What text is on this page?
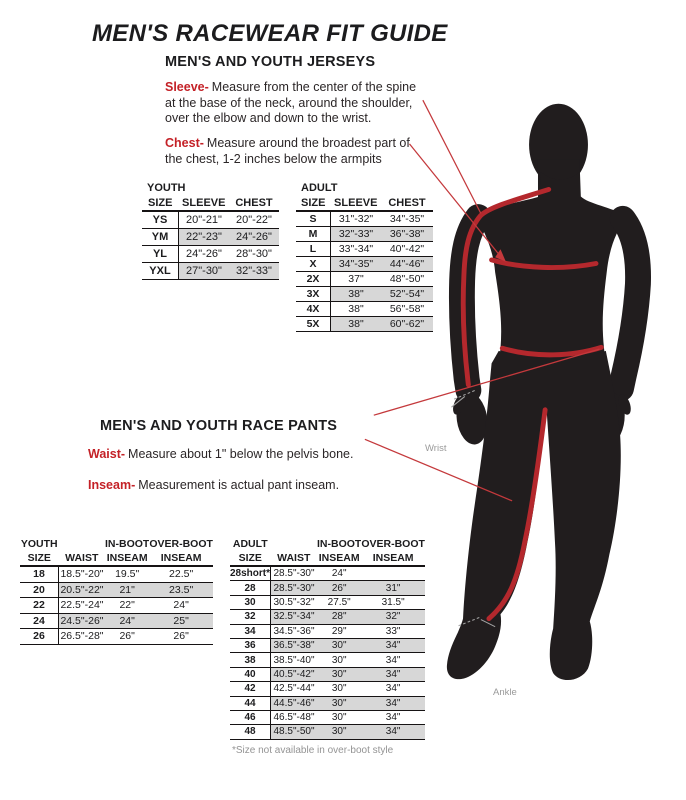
MEN'S RACEWEAR FIT GUIDE
MEN'S AND YOUTH JERSEYS

Sleeve- Measure from the center of the spine at the base of the neck, around the shoulder, over the elbow and down to the wrist.

Chest- Measure around the broadest part of the chest, 1-2 inches below the armpits

YOUTH
SIZE	SLEEVE	CHEST
YS	20"-21"	20"-22"
YM	22"-23"	24"-26"
YL	24"-26"	28"-30"
YXL	27"-30"	32"-33"
ADULT
SIZE	SLEEVE	CHEST
S	31"-32"	34"-35"
M	32"-33"	36"-38"
L	33"-34"	40"-42"
X	34"-35"	44"-46"
2X	37"	48"-50"
3X	38"	52"-54"
4X	38"	56"-58"
5X	38"	60"-62"
MEN'S AND YOUTH RACE PANTS

Waist- Measure about 1" below the pelvis bone.

Inseam- Measurement is actual pant inseam.

YOUTH		IN-BOOT	OVER-BOOT
SIZE	WAIST	INSEAM	INSEAM
18	18.5"-20"	19.5"	22.5"
20	20.5"-22"	21"	23.5"
22	22.5"-24"	22"	24"
24	24.5"-26"	24"	25"
26	26.5"-28"	26"	26"
ADULT		IN-BOOT	OVER-BOOT
SIZE	WAIST	INSEAM	INSEAM
28short*	28.5"-30"	24"	
28	28.5"-30"	26"	31"
30	30.5"-32"	27.5"	31.5"
32	32.5"-34"	28"	32"
34	34.5"-36"	29"	33"
36	36.5"-38"	30"	34"
38	38.5"-40"	30"	34"
40	40.5"-42"	30"	34"
42	42.5"-44"	30"	34"
44	44.5"-46"	30"	34"
46	46.5"-48"	30"	34"
48	48.5"-50"	30"	34"
*Size not available in over-boot style
Wrist
Ankle
